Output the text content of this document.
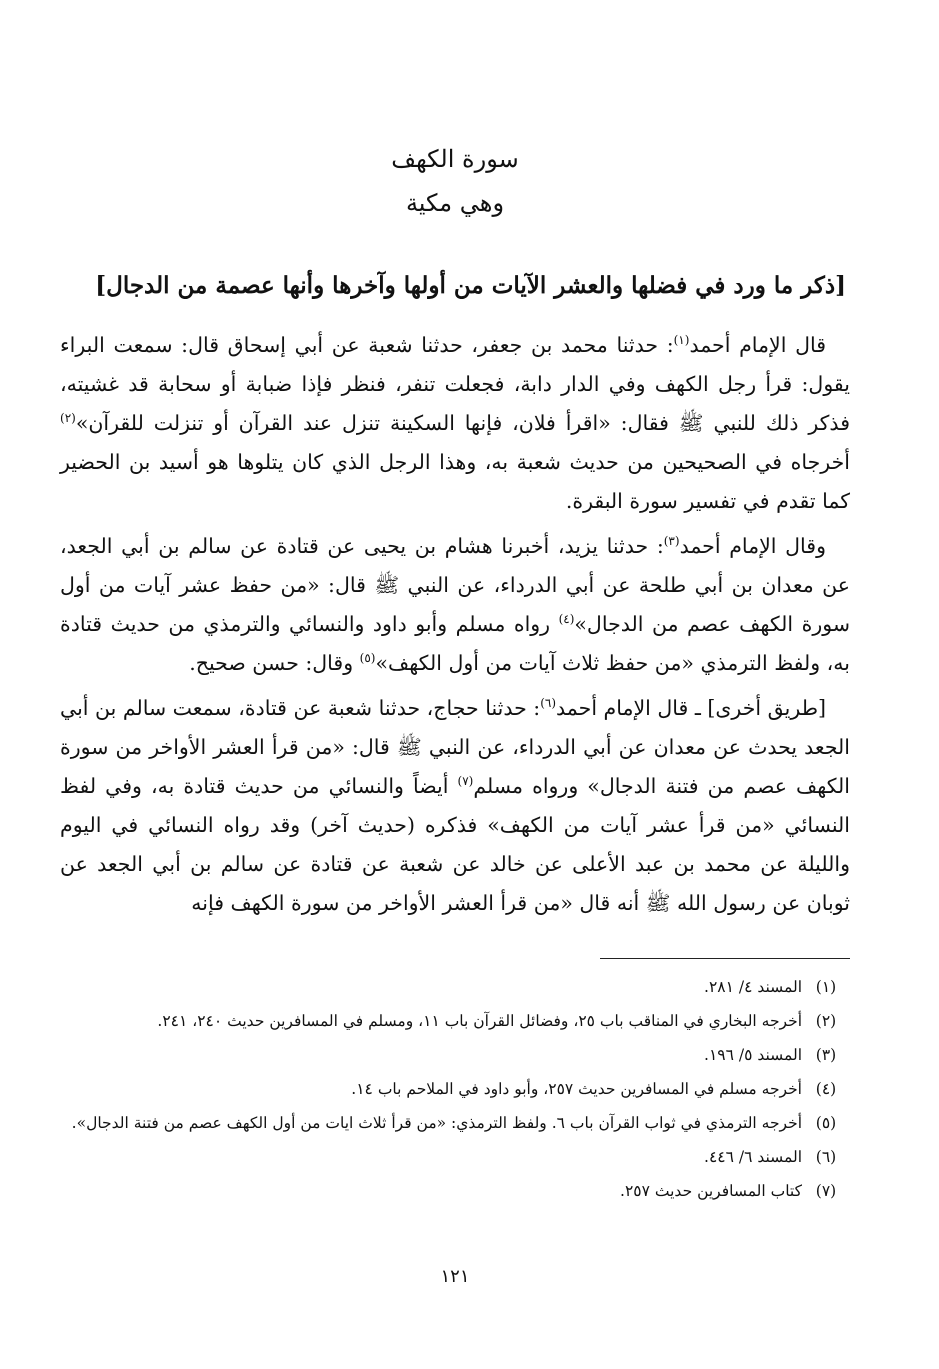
سورة الكهف
وهي مكية
[ذكر ما ورد في فضلها والعشر الآيات من أولها وآخرها وأنها عصمة من الدجال]

قال الإمام أحمد$^{(١)}$: حدثنا محمد بن جعفر، حدثنا شعبة عن أبي إسحاق قال: سمعت البراء يقول: قرأ رجل الكهف وفي الدار دابة، فجعلت تنفر، فنظر فإذا ضبابة أو سحابة قد غشيته، فذكر ذلك للنبي ﷺ فقال: «اقرأ فلان، فإنها السكينة تنزل عند القرآن أو تنزلت للقرآن»$^{(٢)}$ أخرجاه في الصحيحين من حديث شعبة به، وهذا الرجل الذي كان يتلوها هو أسيد بن الحضير كما تقدم في تفسير سورة البقرة.

وقال الإمام أحمد$^{(٣)}$: حدثنا يزيد، أخبرنا هشام بن يحيى عن قتادة عن سالم بن أبي الجعد، عن معدان بن أبي طلحة عن أبي الدرداء، عن النبي ﷺ قال: «من حفظ عشر آيات من أول سورة الكهف عصم من الدجال»$^{(٤)}$ رواه مسلم وأبو داود والنسائي والترمذي من حديث قتادة به، ولفظ الترمذي «من حفظ ثلاث آيات من أول الكهف»$^{(٥)}$ وقال: حسن صحيح.

[طريق أخرى] ـ قال الإمام أحمد$^{(٦)}$: حدثنا حجاج، حدثنا شعبة عن قتادة، سمعت سالم بن أبي الجعد يحدث عن معدان عن أبي الدرداء، عن النبي ﷺ قال: «من قرأ العشر الأواخر من سورة الكهف عصم من فتنة الدجال» ورواه مسلم$^{(٧)}$ أيضاً والنسائي من حديث قتادة به، وفي لفظ النسائي «من قرأ عشر آيات من الكهف» فذكره (حديث آخر) وقد رواه النسائي في اليوم والليلة عن محمد بن عبد الأعلى عن خالد عن شعبة عن قتادة عن سالم بن أبي الجعد عن ثوبان عن رسول الله ﷺ أنه قال «من قرأ العشر الأواخر من سورة الكهف فإنه

(١)
المسند ٤/ ٢٨١.
(٢)
أخرجه البخاري في المناقب باب ٢٥، وفضائل القرآن باب ١١، ومسلم في المسافرين حديث ٢٤٠، ٢٤١.
(٣)
المسند ٥/ ١٩٦.
(٤)
أخرجه مسلم في المسافرين حديث ٢٥٧، وأبو داود في الملاحم باب ١٤.
(٥)
أخرجه الترمذي في ثواب القرآن باب ٦. ولفظ الترمذي: «من قرأ ثلاث ايات من أول الكهف عصم من فتنة الدجال».
(٦)
المسند ٦/ ٤٤٦.
(٧)
كتاب المسافرين حديث ٢٥٧.
١٢١
